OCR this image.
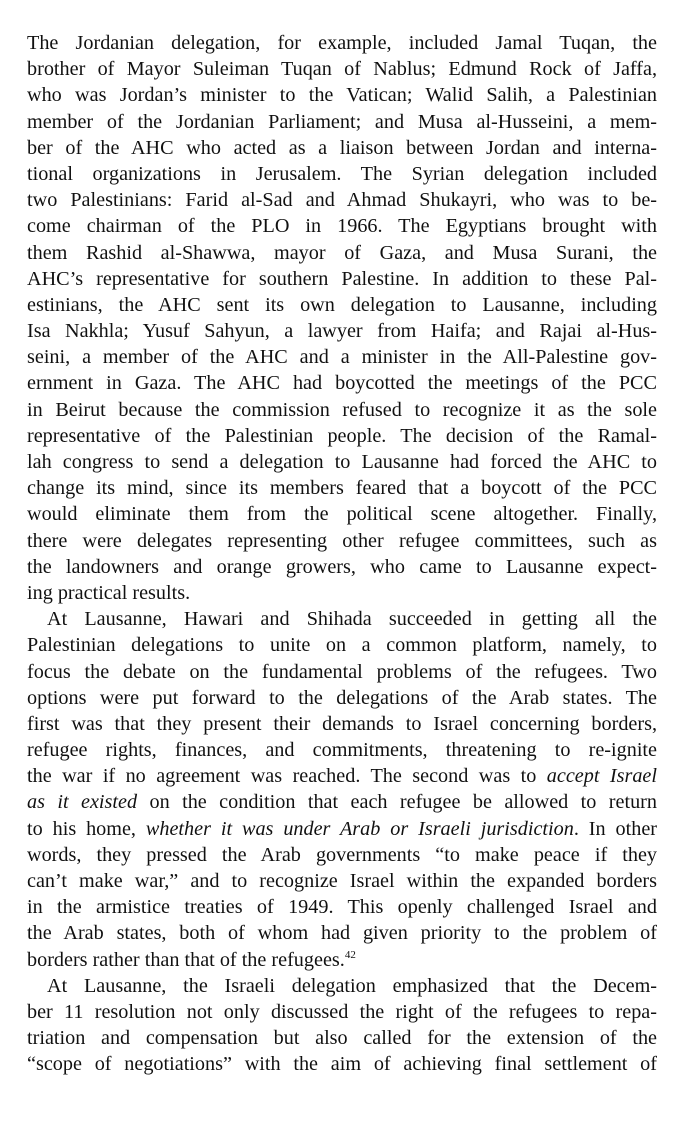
The Jordanian delegation, for example, included Jamal Tuqan, the
brother of Mayor Suleiman Tuqan of Nablus; Edmund Rock of Jaffa,
who was Jordan’s minister to the Vatican; Walid Salih, a Palestinian
member of the Jordanian Parliament; and Musa al-Husseini, a mem-
ber of the AHC who acted as a liaison between Jordan and interna-
tional organizations in Jerusalem. The Syrian delegation included
two Palestinians: Farid al-Sad and Ahmad Shukayri, who was to be-
come chairman of the PLO in 1966. The Egyptians brought with
them Rashid al-Shawwa, mayor of Gaza, and Musa Surani, the
AHC’s representative for southern Palestine. In addition to these Pal-
estinians, the AHC sent its own delegation to Lausanne, including
Isa Nakhla; Yusuf Sahyun, a lawyer from Haifa; and Rajai al-Hus-
seini, a member of the AHC and a minister in the All-Palestine gov-
ernment in Gaza. The AHC had boycotted the meetings of the PCC
in Beirut because the commission refused to recognize it as the sole
representative of the Palestinian people. The decision of the Ramal-
lah congress to send a delegation to Lausanne had forced the AHC to
change its mind, since its members feared that a boycott of the PCC
would eliminate them from the political scene altogether. Finally,
there were delegates representing other refugee committees, such as
the landowners and orange growers, who came to Lausanne expect-
ing practical results.
At Lausanne, Hawari and Shihada succeeded in getting all the
Palestinian delegations to unite on a common platform, namely, to
focus the debate on the fundamental problems of the refugees. Two
options were put forward to the delegations of the Arab states. The
first was that they present their demands to Israel concerning borders,
refugee rights, finances, and commitments, threatening to re-ignite
the war if no agreement was reached. The second was to accept Israel
as it existed on the condition that each refugee be allowed to return
to his home, whether it was under Arab or Israeli jurisdiction. In other
words, they pressed the Arab governments “to make peace if they
can’t make war,” and to recognize Israel within the expanded borders
in the armistice treaties of 1949. This openly challenged Israel and
the Arab states, both of whom had given priority to the problem of
borders rather than that of the refugees.$^{42}$
At Lausanne, the Israeli delegation emphasized that the Decem-
ber 11 resolution not only discussed the right of the refugees to repa-
triation and compensation but also called for the extension of the
“scope of negotiations” with the aim of achieving final settlement of
